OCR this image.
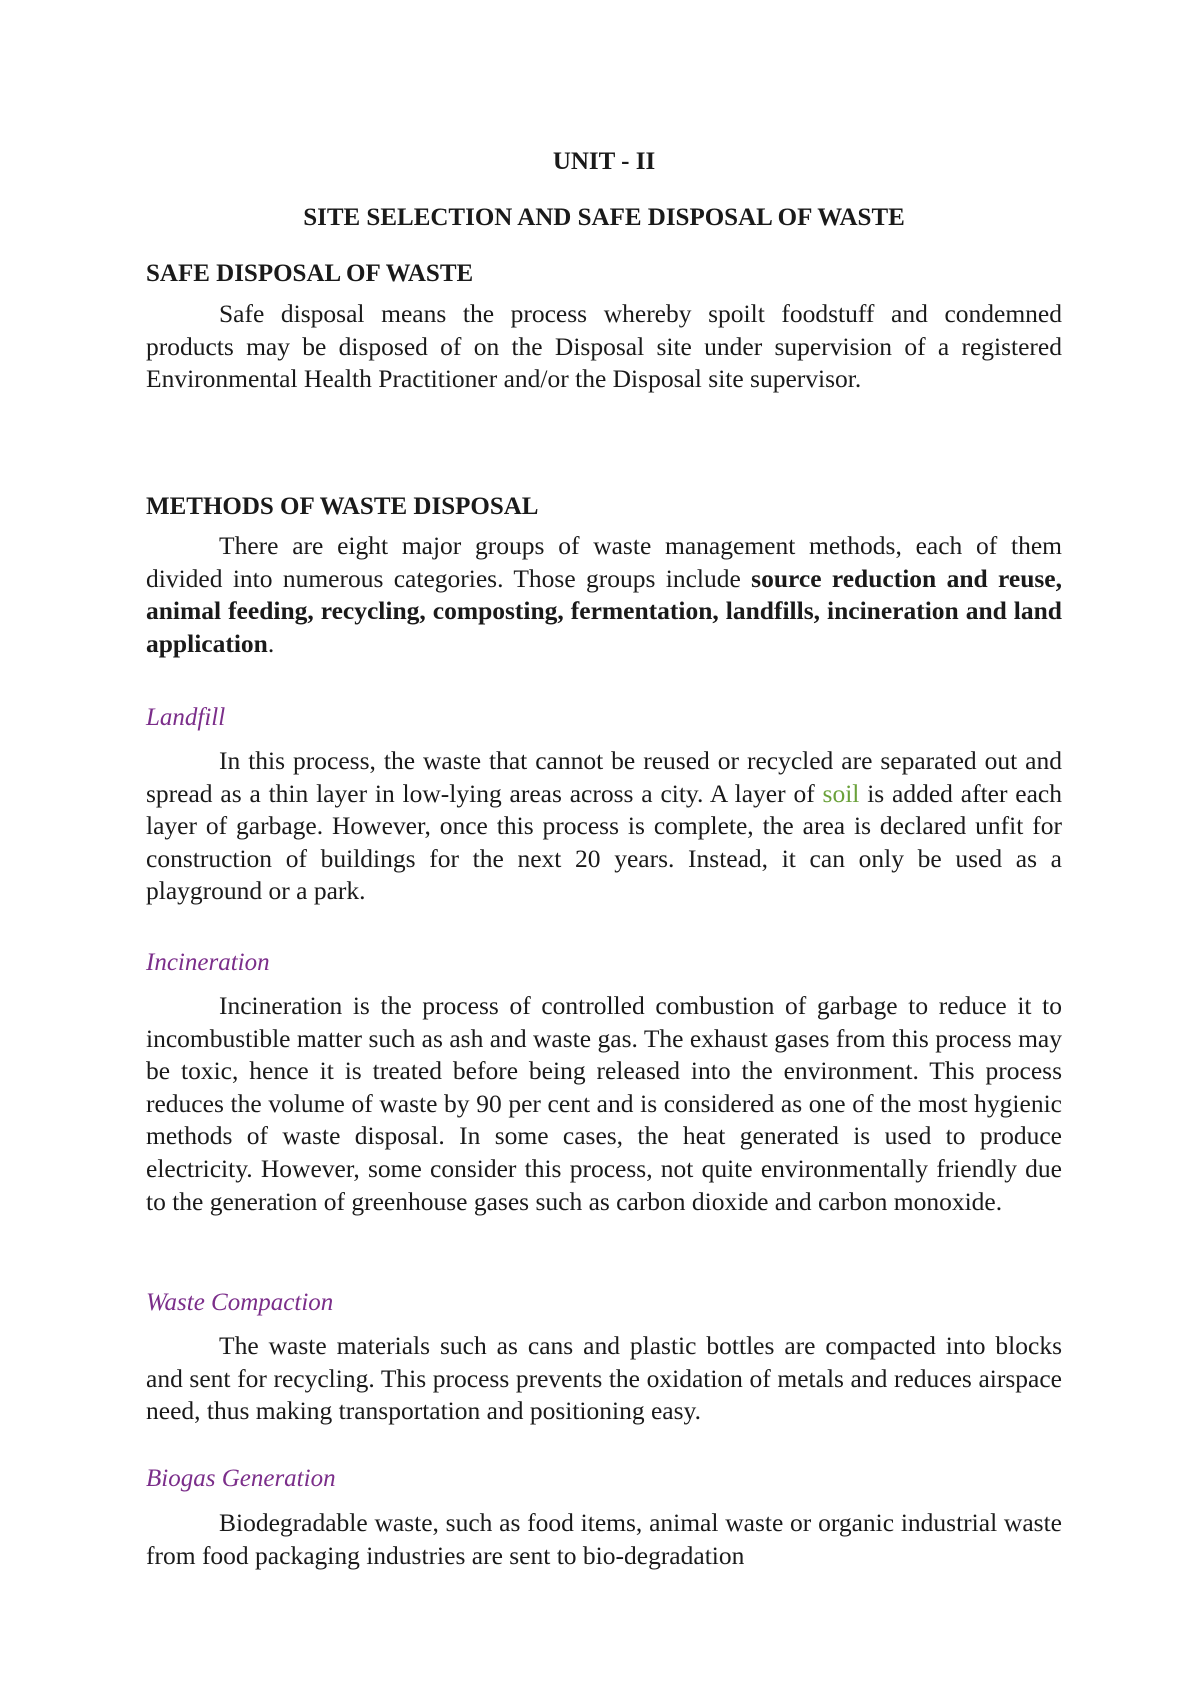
UNIT - II
SITE SELECTION AND SAFE DISPOSAL OF WASTE
SAFE DISPOSAL OF WASTE

Safe disposal means the process whereby spoilt foodstuff and condemned products may be disposed of on the Disposal site under supervision of a registered Environmental Health Practitioner and/or the Disposal site supervisor.

METHODS OF WASTE DISPOSAL

There are eight major groups of waste management methods, each of them divided into numerous categories. Those groups include source reduction and reuse, animal feeding, recycling, composting, fermentation, landfills, incineration and land application.

Landfill

In this process, the waste that cannot be reused or recycled are separated out and spread as a thin layer in low-lying areas across a city. A layer of soil is added after each layer of garbage. However, once this process is complete, the area is declared unfit for construction of buildings for the next 20 years. Instead, it can only be used as a playground or a park.

Incineration

Incineration is the process of controlled combustion of garbage to reduce it to incombustible matter such as ash and waste gas. The exhaust gases from this process may be toxic, hence it is treated before being released into the environment. This process reduces the volume of waste by 90 per cent and is considered as one of the most hygienic methods of waste disposal. In some cases, the heat generated is used to produce electricity. However, some consider this process, not quite environmentally friendly due to the generation of greenhouse gases such as carbon dioxide and carbon monoxide.

Waste Compaction

The waste materials such as cans and plastic bottles are compacted into blocks and sent for recycling. This process prevents the oxidation of metals and reduces airspace need, thus making transportation and positioning easy.

Biogas Generation

Biodegradable waste, such as food items, animal waste or organic industrial waste from food packaging industries are sent to bio-degradation
